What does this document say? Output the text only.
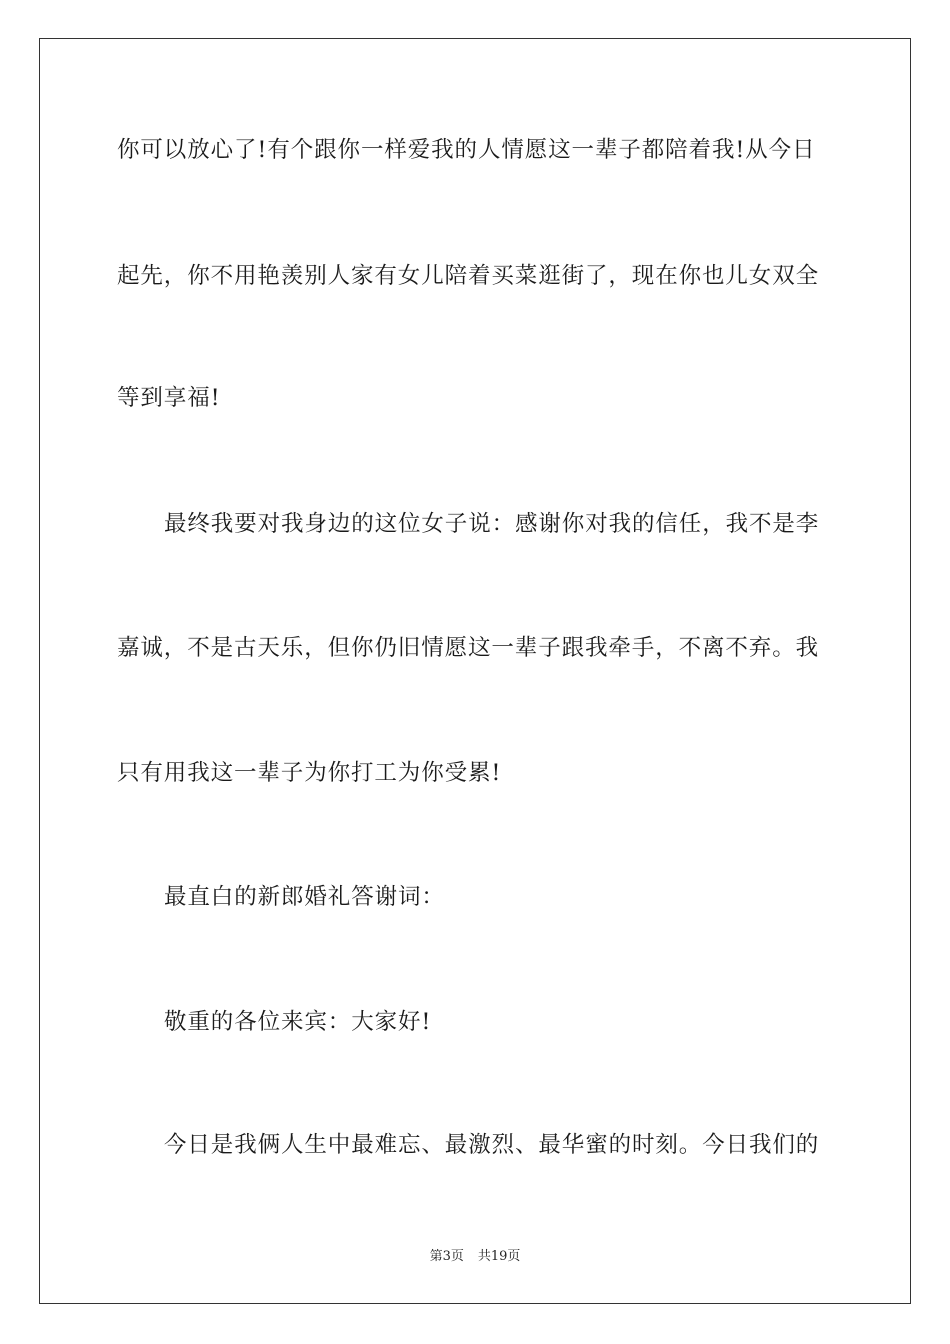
你可以放心了!有个跟你一样爱我的人情愿这一辈子都陪着我!从今日
起先，你不用艳羡别人家有女儿陪着买菜逛街了，现在你也儿女双全
等到享福!
最终我要对我身边的这位女子说：感谢你对我的信任，我不是李
嘉诚，不是古天乐，但你仍旧情愿这一辈子跟我牵手，不离不弃。我
只有用我这一辈子为你打工为你受累!
最直白的新郎婚礼答谢词：
敬重的各位来宾：大家好!
今日是我俩人生中最难忘、最激烈、最华蜜的时刻。今日我们的
第3页 共19页
